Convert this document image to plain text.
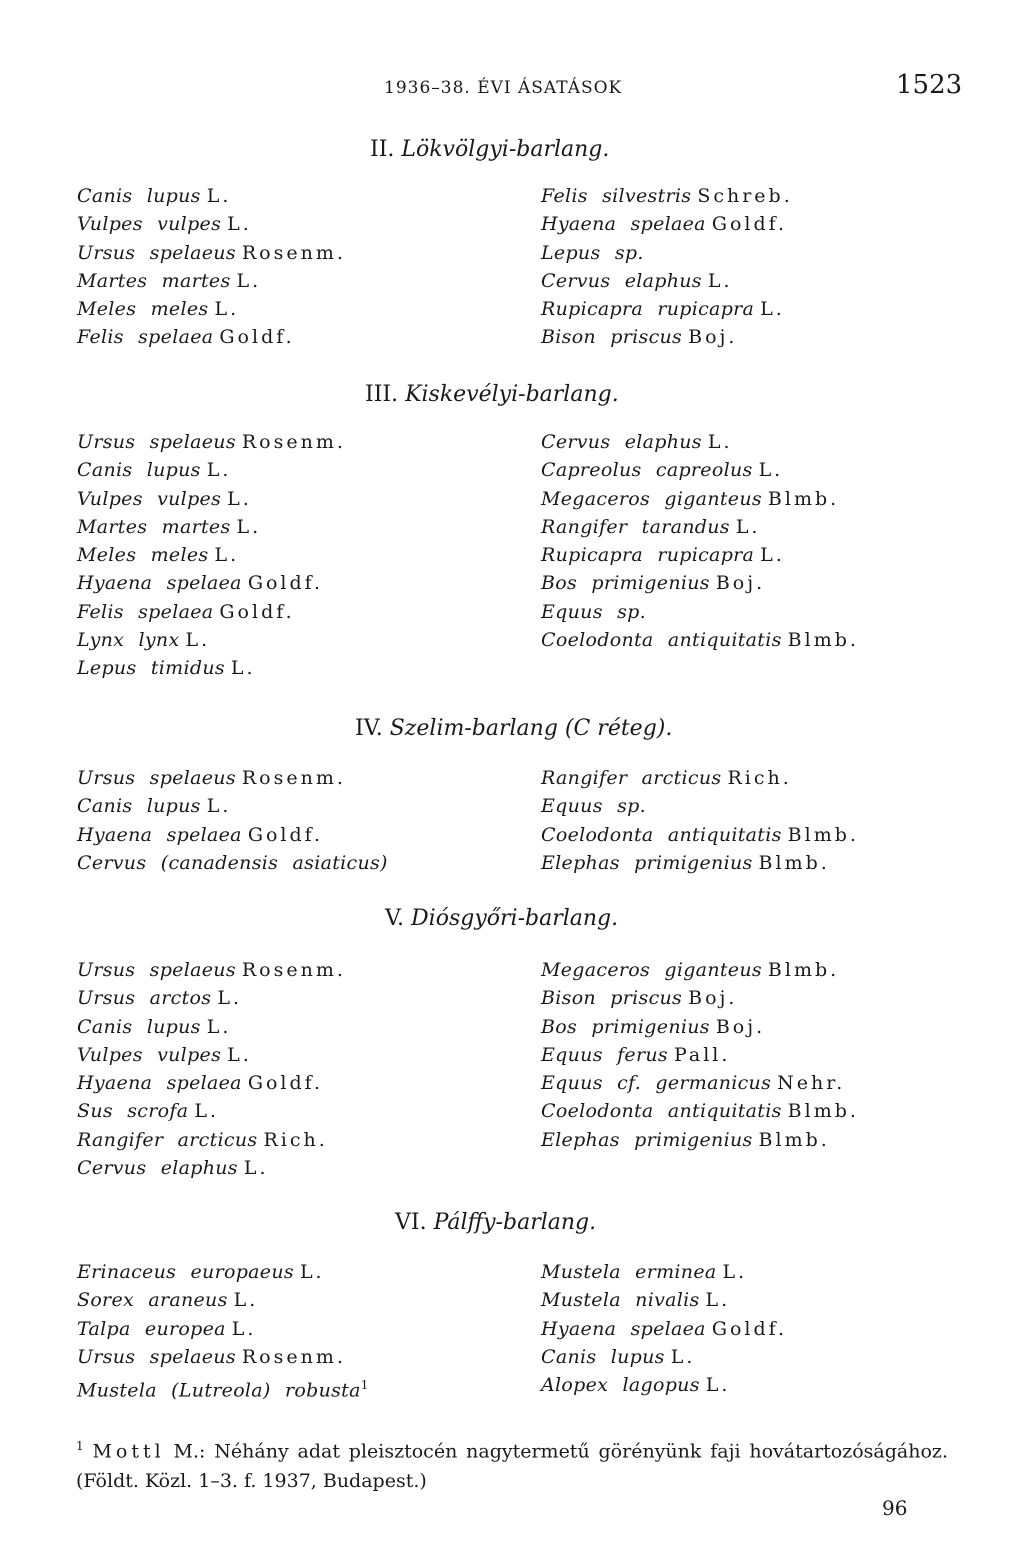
1936–38. ÉVI ÁSATÁSOK	1523
II. Lökvölgyi-barlang.
Canis lupus L.
Vulpes vulpes L.
Ursus spelaeus Rosenm.
Martes martes L.
Meles meles L.
Felis spelaea Goldf.
Felis silvestris Schreb.
Hyaena spelaea Goldf.
Lepus sp.
Cervus elaphus L.
Rupicapra rupicapra L.
Bison priscus Boj.
III. Kiskevélyi-barlang.
Ursus spelaeus Rosenm.
Canis lupus L.
Vulpes vulpes L.
Martes martes L.
Meles meles L.
Hyaena spelaea Goldf.
Felis spelaea Goldf.
Lynx lynx L.
Lepus timidus L.
Cervus elaphus L.
Capreolus capreolus L.
Megaceros giganteus Blmb.
Rangifer tarandus L.
Rupicapra rupicapra L.
Bos primigenius Boj.
Equus sp.
Coelodonta antiquitatis Blmb.
IV. Szelim-barlang (C réteg).
Ursus spelaeus Rosenm.
Canis lupus L.
Hyaena spelaea Goldf.
Cervus (canadensis asiaticus)
Rangifer arcticus Rich.
Equus sp.
Coelodonta antiquitatis Blmb.
Elephas primigenius Blmb.
V. Diósgyőri-barlang.
Ursus spelaeus Rosenm.
Ursus arctos L.
Canis lupus L.
Vulpes vulpes L.
Hyaena spelaea Goldf.
Sus scrofa L.
Rangifer arcticus Rich.
Cervus elaphus L.
Megaceros giganteus Blmb.
Bison priscus Boj.
Bos primigenius Boj.
Equus ferus Pall.
Equus cf. germanicus Nehr.
Coelodonta antiquitatis Blmb.
Elephas primigenius Blmb.
VI. Pálffy-barlang.
Erinaceus europaeus L.
Sorex araneus L.
Talpa europea L.
Ursus spelaeus Rosenm.
Mustela (Lutreola) robusta$^1$
Mustela erminea L.
Mustela nivalis L.
Hyaena spelaea Goldf.
Canis lupus L.
Alopex lagopus L.
$^1$ Mottl M.: Néhány adat pleisztocén nagytermetű görényünk faji hovátartozóságához. (Földt. Közl. 1–3. f. 1937, Budapest.)
96
